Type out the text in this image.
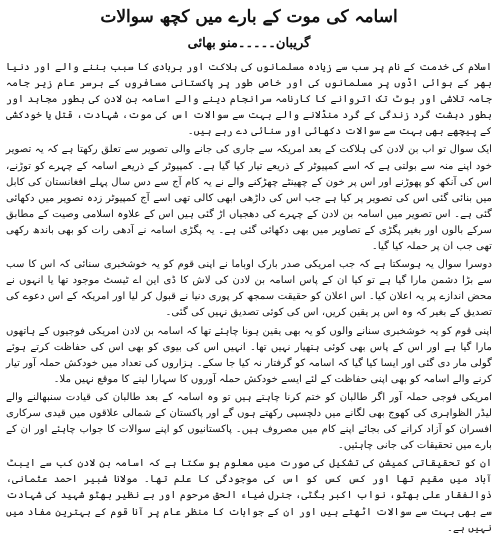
اسامہ کی موت کے بارے میں کچھ سوالات
گریبان۔۔۔۔۔منو بھائی

اسلام کی خدمت کے نام پر سب سے زیادہ مسلمانوں کی ہلاکت اور بربادی کا سبب بننے والے اور دنیا بھر کے ہوائی اڈوں پر مسلمانوں کی اور خاص طور پر پاکستانی مسافروں کے برسر عام زیر جامہ جامہ تلاشی اور بوٹ تک اتروانے کا کارنامہ سرانجام دینے والے اسامہ بن لادن کی بطور مجاہد اور بطور دہشت گرد زندگی کے گرد منڈلانے والے بہت سے سوالات اس کی موت، شہادت، قتل یا خودکشی کے پیچھے بھی بہت سے سوالات دکھائی اور سنائی دے رہے ہیں۔

ایک سوال تو اب بن لادن کی ہلاکت کے بعد امریکہ سے جاری کی جانے والی تصویر سے تعلق رکھتا ہے کہ یہ تصویر خود اپنے منہ سے بولتی ہے کہ اسے کمپیوٹر کے ذریعے تیار کیا گیا ہے۔ کمپیوٹر کے ذریعے اسامہ کے چہرے کو توڑنے، اس کی آنکھ کو پھوڑنے اور اس پر خون کے چھینٹے چھڑکنے والے نے یہ کام آج سے دس سال پہلے افغانستان کی کابل میں بنائی گئی اس کی تصویر پر کیا ہے جب اس کی داڑھی ابھی کالی تھی اسے آج کمپیوٹر زدہ تصویر میں دکھائی گئی ہے۔ اس تصویر میں اسامہ بن لادن کے چہرے کی دھجیاں اڑ گئی ہیں اس کے علاوہ اسلامی وصیت کے مطابق سرکے بالوں اور بغیر پگڑی کے تصاویر میں بھی دکھائی گئی ہے۔ یہ پگڑی اسامہ نے آدھی رات کو بھی باندھ رکھی تھی جب ان پر حملہ کیا گیا۔

دوسرا سوال یہ ہوسکتا ہے کہ جب امریکی صدر بارک اوباما نے اپنی قوم کو یہ خوشخبری سنائی کہ اس کا سب سے بڑا دشمن مارا گیا ہے تو کیا ان کے پاس اسامہ بن لادن کی لاش کا ڈی این اے ٹیسٹ موجود تھا یا انہوں نے محض اندازے پر یہ اعلان کیا۔ اس اعلان کو حقیقت سمجھ کر پوری دنیا نے قبول کر لیا اور امریکہ کے اس دعوے کی تصدیق کے بغیر کہ وہ اس پر یقین کریں، اس کی کوئی تصدیق نہیں کی گئی۔

اپنی قوم کو یہ خوشخبری سنانے والوں کو یہ بھی یقین ہونا چاہئے تھا کہ اسامہ بن لادن امریکی فوجیوں کے ہاتھوں مارا گیا ہے اور اس کے پاس بھی کوئی ہتھیار نہیں تھا۔ انہیں اس کی بیوی کو بھی اس کی حفاظت کرتے ہوئے گولی مار دی گئی اور ایسا کیا گیا کہ اسامہ کو گرفتار نہ کیا جا سکے۔ ہزاروں کی تعداد میں خودکش حملہ آور تیار کرنے والے اسامہ کو بھی اپنی حفاظت کے لئے ایسے خودکش حملہ آوروں کا سہارا لینے کا موقع نہیں ملا۔

امریکی فوجی حملہ آور اگر طالبان کو ختم کرنا چاہتے ہیں تو وہ اسامہ کے بعد طالبان کی قیادت سنبھالنے والے لیڈر الظواہری کی کھوج بھی لگانے میں دلچسپی رکھتے ہوں گے اور پاکستان کے شمالی علاقوں میں قیدی سرکاری افسران کو آزاد کرانے کی بجائے اپنے کام میں مصروف ہیں۔ پاکستانیوں کو اپنے سوالات کا جواب چاہئے اور ان کے بارے میں تحقیقات کی جانی چاہئیں۔

ان کو تحقیقاتی کمیشن کی تشکیل کی صورت میں معلوم ہو سکتا ہے کہ اسامہ بن لادن کب سے ایبٹ آباد میں مقیم تھا اور کس کس کو اس کی موجودگی کا علم تھا۔ مولانا شبیر احمد عثمانی، ذوالفقار علی بھٹو، نواب اکبر بگٹی، جنرل ضیاء الحق مرحوم اور بے نظیر بھٹو شہید کی شہادت سے بھی بہت سے سوالات اٹھتے ہیں اور ان کے جوابات کا منظر عام پر آنا قوم کے بہترین مفاد میں نہیں ہے۔
